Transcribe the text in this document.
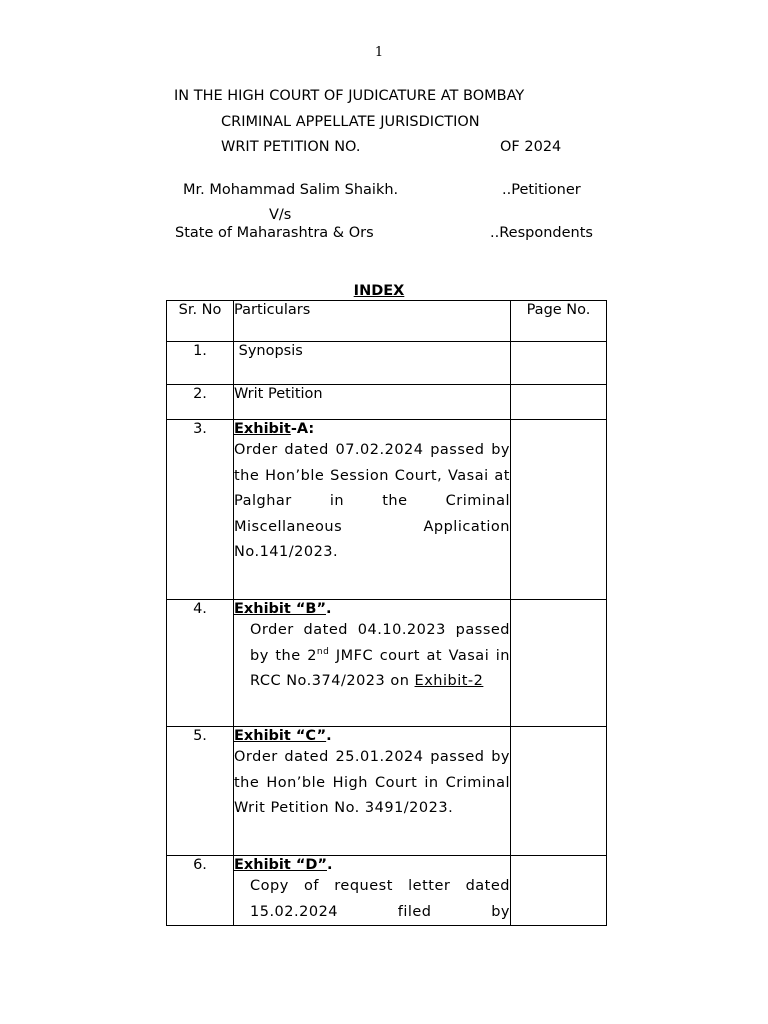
1
IN THE HIGH COURT OF JUDICATURE AT BOMBAY
CRIMINAL APPELLATE JURISDICTION
WRIT PETITION NO.	OF 2024
Mr. Mohammad Salim Shaikh.	..Petitioner
V/s
State of Maharashtra & Ors	..Respondents
INDEX
Sr. No	Particulars	Page No.
1.	Synopsis	
2.	Writ Petition	
3.	Exhibit-A:
Order dated 07.02.2024 passed by the Hon’ble Session Court, Vasai at Palghar in the Criminal Miscellaneous Application No.141/2023.	

4.	Exhibit “B”.
Order dated 04.10.2023 passed by the 2nd JMFC court at Vasai in RCC No.374/2023 on Exhibit-2	

5.	Exhibit “C”.
Order dated 25.01.2024 passed by the Hon’ble High Court in Criminal Writ Petition No. 3491/2023.	

6.	Exhibit “D”.
Copy of request letter dated 15.02.2024 filed by	
